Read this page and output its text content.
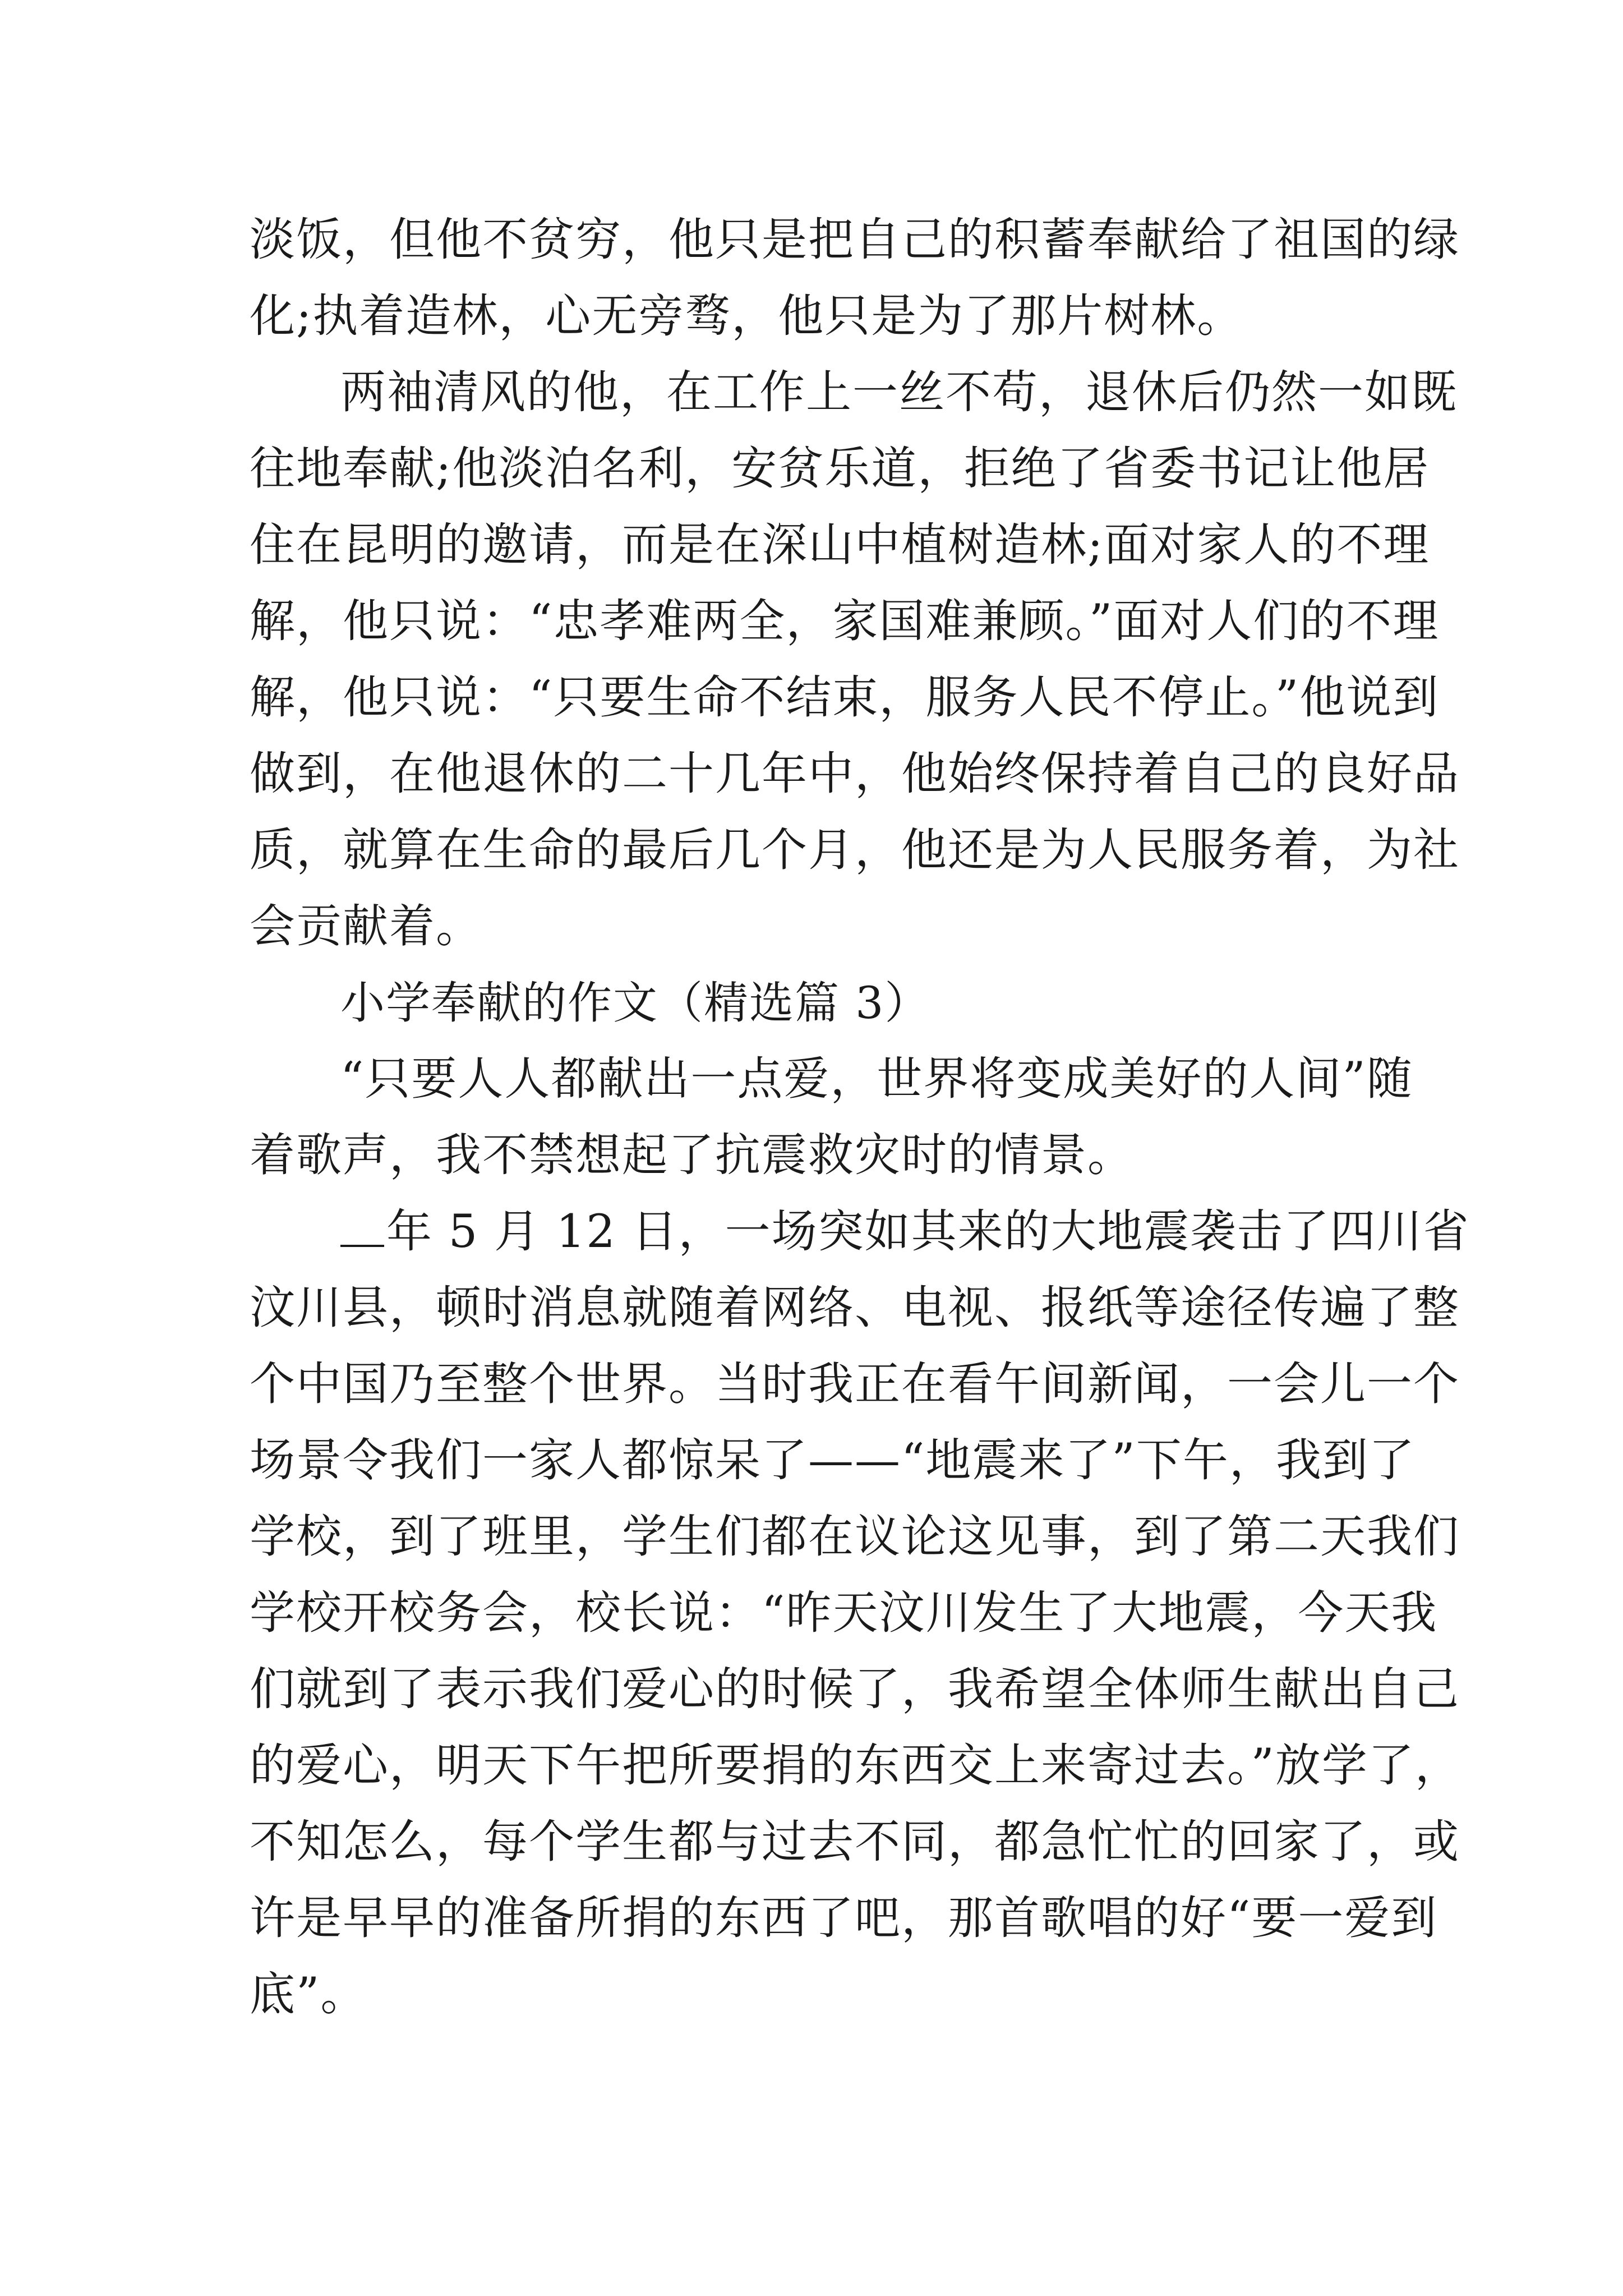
淡饭，但他不贫穷，他只是把自己的积蓄奉献给了祖国的绿
化;执着造林，心无旁骛，他只是为了那片树林。
两袖清风的他，在工作上一丝不苟，退休后仍然一如既
往地奉献;他淡泊名利，安贫乐道，拒绝了省委书记让他居
住在昆明的邀请，而是在深山中植树造林;面对家人的不理
解，他只说：“忠孝难两全，家国难兼顾。”面对人们的不理
解，他只说：“只要生命不结束，服务人民不停止。”他说到
做到，在他退休的二十几年中，他始终保持着自己的良好品
质，就算在生命的最后几个月，他还是为人民服务着，为社
会贡献着。
小学奉献的作文（精选篇 3）
“只要人人都献出一点爱，世界将变成美好的人间”随
着歌声，我不禁想起了抗震救灾时的情景。
年 5 月 12 日，一场突如其来的大地震袭击了四川省
汶川县，顿时消息就随着网络、电视、报纸等途径传遍了整
个中国乃至整个世界。当时我正在看午间新闻，一会儿一个
场景令我们一家人都惊呆了——“地震来了”下午，我到了
学校，到了班里，学生们都在议论这见事，到了第二天我们
学校开校务会，校长说：“昨天汶川发生了大地震，今天我
们就到了表示我们爱心的时候了，我希望全体师生献出自己
的爱心，明天下午把所要捐的东西交上来寄过去。”放学了，
不知怎么，每个学生都与过去不同，都急忙忙的回家了，或
许是早早的准备所捐的东西了吧，那首歌唱的好“要一爱到
底”。
